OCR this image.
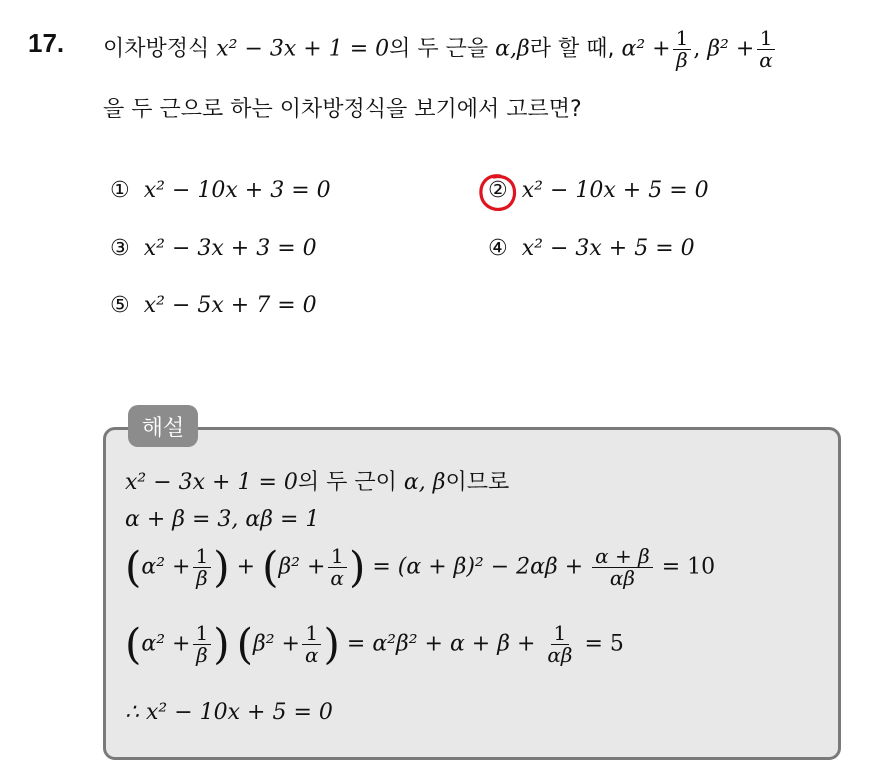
17. 이차방정식 x² − 3x + 1 = 0의 두 근을 α,β라 할 때, $\alpha^2 + \frac{1}{\beta}$ , $\beta^2 + \frac{1}{\alpha}$
을 두 근으로 하는 이차방정식을 보기에서 고르면?
① x² − 10x + 3 = 0	② x² − 10x + 5 = 0
③ x² − 3x + 3 = 0	④ x² − 3x + 5 = 0
⑤ x² − 5x + 7 = 0
해설
x² − 3x + 1 = 0의 두 근이 α, β이므로
α + β = 3, αβ = 1
($\alpha^2 + \frac{1}{\beta}$ ) + ($\beta^2 + \frac{1}{\alpha}$ ) = $(\alpha + \beta)^2 - 2\alpha\beta + \frac{\alpha + \beta}{\alpha\beta} = 10$
($\alpha^2 + \frac{1}{\beta}$ ) ($\beta^2 + \frac{1}{\alpha}$ ) = $\alpha^2\beta^2 + \alpha + \beta + \frac{1}{\alpha\beta} = 5$
∴ x² − 10x + 5 = 0
